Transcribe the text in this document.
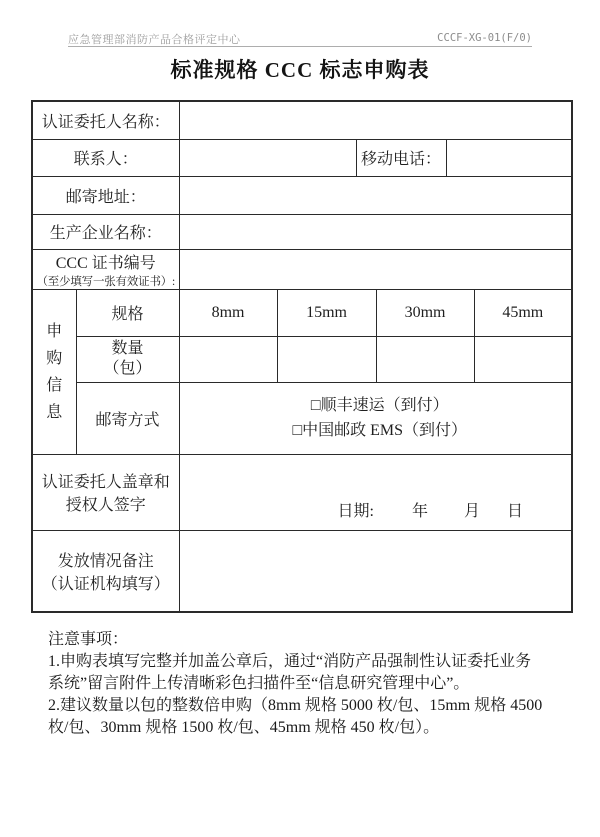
应急管理部消防产品合格评定中心	CCCF-XG-01(F/0)
标准规格 CCC 标志申购表
认证委托人名称：							
联系人：				移动电话：			
邮寄地址：							
生产企业名称：							

CCC 证书编号
（至少填写一张有效证书）:							

申购信息	规格	8mm	15mm		30mm		45mm

	数量
（包）						

	邮寄方式	□顺丰速运（到付）
□中国邮政 EMS（到付）					

认证委托人盖章和
授权人签字		日期: 年 月 日					

发放情况备注
（认证机构填写）							

注意事项：

1.申购表填写完整并加盖公章后，通过“消防产品强制性认证委托业务系统”留言附件上传清晰彩色扫描件至“信息研究管理中心”。

2.建议数量以包的整数倍申购（8mm 规格 5000 枚/包、15mm 规格 4500 枚/包、30mm 规格 1500 枚/包、45mm 规格 450 枚/包）。
